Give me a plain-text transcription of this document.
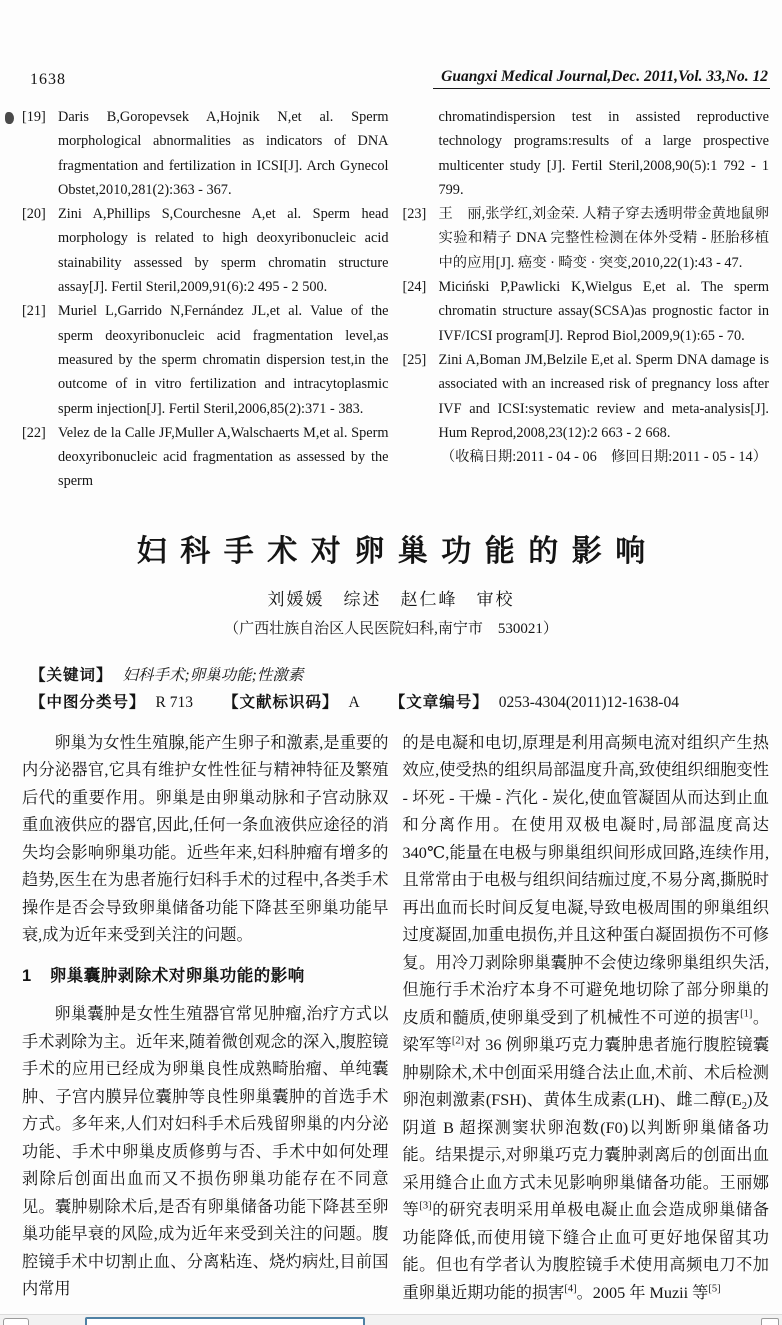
1638	Guangxi Medical Journal,Dec. 2011,Vol. 33,No. 12
[19] Daris B,Goropevsek A,Hojnik N,et al. Sperm morphological abnormalities as indicators of DNA fragmentation and fertilization in ICSI[J]. Arch Gynecol Obstet,2010,281(2):363 - 367.

[20] Zini A,Phillips S,Courchesne A,et al. Sperm head morphology is related to high deoxyribonucleic acid stainability assessed by sperm chromatin structure assay[J]. Fertil Steril,2009,91(6):2 495 - 2 500.

[21] Muriel L,Garrido N,Fernández JL,et al. Value of the sperm deoxyribonucleic acid fragmentation level,as measured by the sperm chromatin dispersion test,in the outcome of in vitro fertilization and intracytoplasmic sperm injection[J]. Fertil Steril,2006,85(2):371 - 383.

[22] Velez de la Calle JF,Muller A,Walschaerts M,et al. Sperm deoxyribonucleic acid fragmentation as assessed by the sperm

chromatindispersion test in assisted reproductive technology programs:results of a large prospective multicenter study [J]. Fertil Steril,2008,90(5):1 792 - 1 799.

[23] 王　丽,张学红,刘金荣. 人精子穿去透明带金黄地鼠卵实验和精子 DNA 完整性检测在体外受精 - 胚胎移植中的应用[J]. 癌变 · 畸变 · 突变,2010,22(1):43 - 47.

[24] Miciński P,Pawlicki K,Wielgus E,et al. The sperm chromatin structure assay(SCSA)as prognostic factor in IVF/ICSI program[J]. Reprod Biol,2009,9(1):65 - 70.

[25] Zini A,Boman JM,Belzile E,et al. Sperm DNA damage is associated with an increased risk of pregnancy loss after IVF and ICSI:systematic review and meta-analysis[J]. Hum Reprod,2008,23(12):2 663 - 2 668.

（收稿日期:2011 - 04 - 06　修回日期:2011 - 05 - 14）
妇科手术对卵巢功能的影响
刘媛媛　综述　赵仁峰　审校
（广西壮族自治区人民医院妇科,南宁市　530021）
【关键词】 妇科手术;卵巢功能;性激素
【中图分类号】 R 713 【文献标识码】 A 【文章编号】 0253-4304(2011)12-1638-04

卵巢为女性生殖腺,能产生卵子和激素,是重要的内分泌器官,它具有维护女性性征与精神特征及繁殖后代的重要作用。卵巢是由卵巢动脉和子宫动脉双重血液供应的器官,因此,任何一条血液供应途径的消失均会影响卵巢功能。近些年来,妇科肿瘤有增多的趋势,医生在为患者施行妇科手术的过程中,各类手术操作是否会导致卵巢储备功能下降甚至卵巢功能早衰,成为近年来受到关注的问题。

1 卵巢囊肿剥除术对卵巢功能的影响

卵巢囊肿是女性生殖器官常见肿瘤,治疗方式以手术剥除为主。近年来,随着微创观念的深入,腹腔镜手术的应用已经成为卵巢良性成熟畸胎瘤、单纯囊肿、子宫内膜异位囊肿等良性卵巢囊肿的首选手术方式。多年来,人们对妇科手术后残留卵巢的内分泌功能、手术中卵巢皮质修剪与否、手术中如何处理剥除后创面出血而又不损伤卵巢功能存在不同意见。囊肿剔除术后,是否有卵巢储备功能下降甚至卵巢功能早衰的风险,成为近年来受到关注的问题。腹腔镜手术中切割止血、分离粘连、烧灼病灶,目前国内常用

的是电凝和电切,原理是利用高频电流对组织产生热效应,使受热的组织局部温度升高,致使组织细胞变性 - 坏死 - 干燥 - 汽化 - 炭化,使血管凝固从而达到止血和分离作用。在使用双极电凝时,局部温度高达340℃,能量在电极与卵巢组织间形成回路,连续作用,且常常由于电极与组织间结痂过度,不易分离,撕脱时再出血而长时间反复电凝,导致电极周围的卵巢组织过度凝固,加重电损伤,并且这种蛋白凝固损伤不可修复。用冷刀剥除卵巢囊肿不会使边缘卵巢组织失活,但施行手术治疗本身不可避免地切除了部分卵巢的皮质和髓质,使卵巢受到了机械性不可逆的损害[1]。梁军等[2]对 36 例卵巢巧克力囊肿患者施行腹腔镜囊肿剔除术,术中创面采用缝合法止血,术前、术后检测卵泡刺激素(FSH)、黄体生成素(LH)、雌二醇$(E_2)$及阴道 B 超探测窦状卵泡数(F0)以判断卵巢储备功能。结果提示,对卵巢巧克力囊肿剥离后的创面出血采用缝合止血方式未见影响卵巢储备功能。王丽娜等[3]的研究表明采用单极电凝止血会造成卵巢储备功能降低,而使用镜下缝合止血可更好地保留其功能。但也有学者认为腹腔镜手术使用高频电刀不加重卵巢近期功能的损害[4]。2005 年 Muzii 等[5]
